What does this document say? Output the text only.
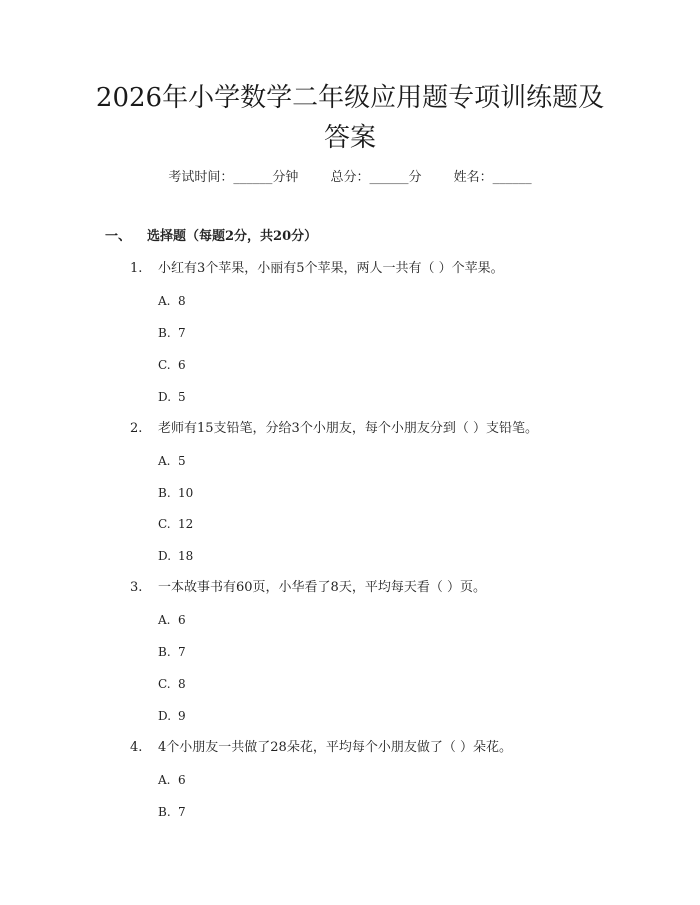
2026年小学数学二年级应用题专项训练题及
答案
考试时间：______分钟 总分：______分 姓名：______
一、 选择题（每题2分，共20分）
1. 小红有3个苹果，小丽有5个苹果，两人一共有（ ）个苹果。
A. 8
B. 7
C. 6
D. 5
2. 老师有15支铅笔，分给3个小朋友，每个小朋友分到（ ）支铅笔。
A. 5
B. 10
C. 12
D. 18
3. 一本故事书有60页，小华看了8天，平均每天看（ ）页。
A. 6
B. 7
C. 8
D. 9
4. 4个小朋友一共做了28朵花，平均每个小朋友做了（ ）朵花。
A. 6
B. 7
